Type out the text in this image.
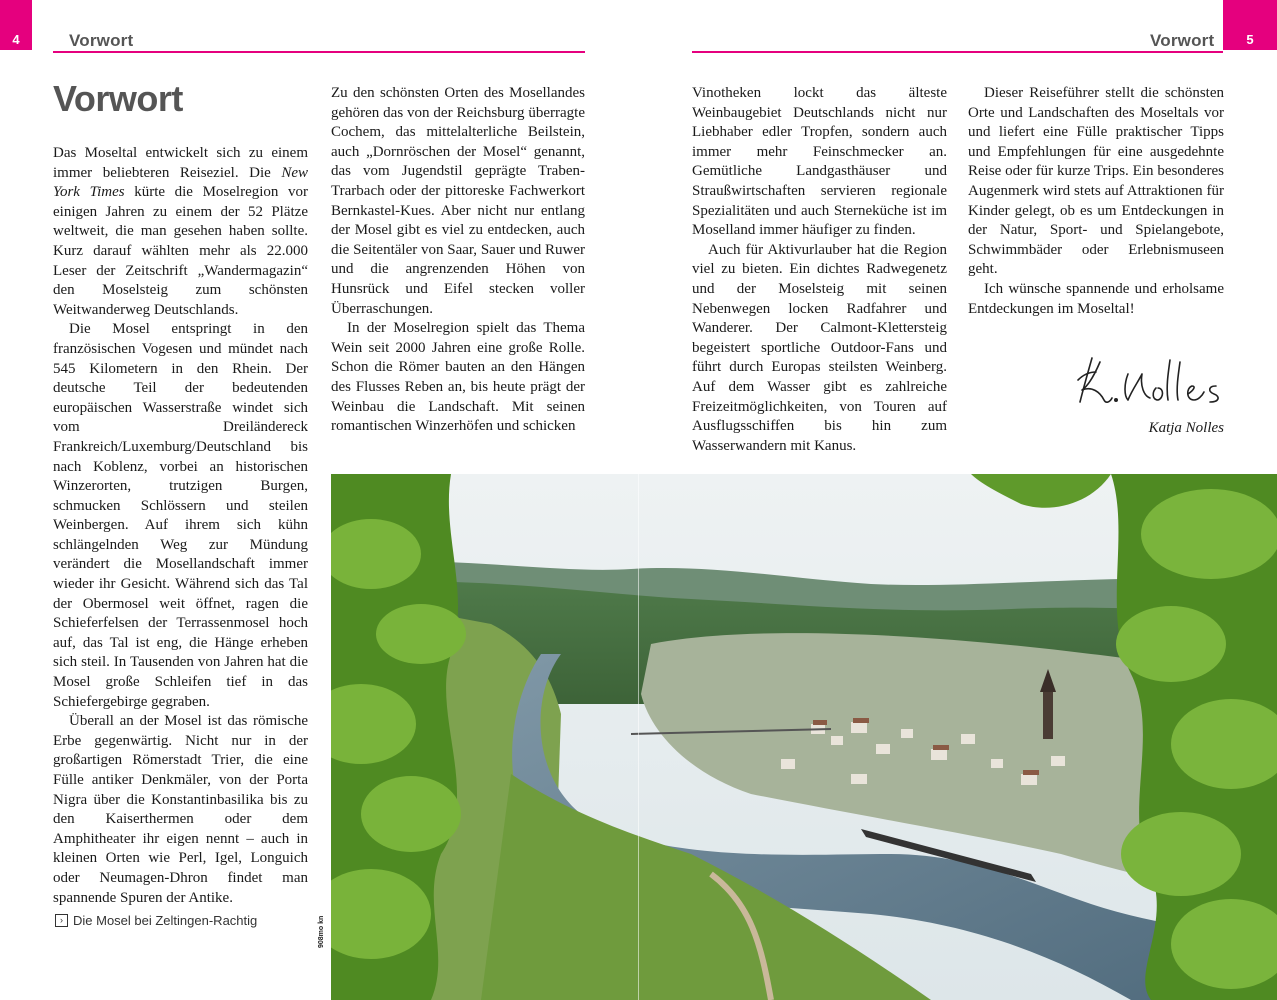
4	Vorwort	5
Vorwort
Vorwort

Das Moseltal entwickelt sich zu einem immer beliebteren Reiseziel. Die New York Times kürte die Moselregion vor einigen Jahren zu einem der 52 Plätze weltweit, die man gesehen haben sollte. Kurz darauf wählten mehr als 22.000 Leser der Zeitschrift „Wandermagazin“ den Moselsteig zum schönsten Weitwanderweg Deutschlands.

Die Mosel entspringt in den französischen Vogesen und mündet nach 545 Kilometern in den Rhein. Der deutsche Teil der bedeutenden europäischen Wasserstraße windet sich vom Dreiländereck Frankreich/Luxemburg/Deutschland bis nach Koblenz, vorbei an historischen Winzerorten, trutzigen Burgen, schmucken Schlössern und steilen Weinbergen. Auf ihrem sich kühn schlängelnden Weg zur Mündung verändert die Mosellandschaft immer wieder ihr Gesicht. Während sich das Tal der Obermosel weit öffnet, ragen die Schieferfelsen der Terrassenmosel hoch auf, das Tal ist eng, die Hänge erheben sich steil. In Tausenden von Jahren hat die Mosel große Schleifen tief in das Schiefergebirge gegraben.

Überall an der Mosel ist das römische Erbe gegenwärtig. Nicht nur in der großartigen Römerstadt Trier, die eine Fülle antiker Denkmäler, von der Porta Nigra über die Konstantinbasilika bis zu den Kaiserthermen oder dem Amphitheater ihr eigen nennt – auch in kleinen Orten wie Perl, Igel, Longuich oder Neumagen-Dhron findet man spannende Spuren der Antike.

Zu den schönsten Orten des Mosellandes gehören das von der Reichsburg überragte Cochem, das mittelalterliche Beilstein, auch „Dornröschen der Mosel“ genannt, das vom Jugendstil geprägte Traben-Trarbach oder der pittoreske Fachwerkort Bernkastel-Kues. Aber nicht nur entlang der Mosel gibt es viel zu entdecken, auch die Seitentäler von Saar, Sauer und Ruwer und die angrenzenden Höhen von Hunsrück und Eifel stecken voller Überraschungen.

In der Moselregion spielt das Thema Wein seit 2000 Jahren eine große Rolle. Schon die Römer bauten an den Hängen des Flusses Reben an, bis heute prägt der Weinbau die Landschaft. Mit seinen romantischen Winzerhöfen und schicken

Vinotheken lockt das älteste Weinbaugebiet Deutschlands nicht nur Liebhaber edler Tropfen, sondern auch immer mehr Feinschmecker an. Gemütliche Landgasthäuser und Straußwirtschaften servieren regionale Spezialitäten und auch Sterneküche ist im Moselland immer häufiger zu finden.

Auch für Aktivurlauber hat die Region viel zu bieten. Ein dichtes Radwegenetz und der Moselsteig mit seinen Nebenwegen locken Radfahrer und Wanderer. Der Calmont-Klettersteig begeistert sportliche Outdoor-Fans und führt durch Europas steilsten Weinberg. Auf dem Wasser gibt es zahlreiche Freizeitmöglichkeiten, von Touren auf Ausflugsschiffen bis hin zum Wasserwandern mit Kanus.

Dieser Reiseführer stellt die schönsten Orte und Landschaften des Moseltals vor und liefert eine Fülle praktischer Tipps und Empfehlungen für eine ausgedehnte Reise oder für kurze Trips. Ein besonderes Augenmerk wird stets auf Attraktionen für Kinder gelegt, ob es um Entdeckungen in der Natur, Sport- und Spielangebote, Schwimmbäder oder Erlebnismuseen geht.

Ich wünsche spannende und erholsame Entdeckungen im Moseltal!

Katja Nolles
› Die Mosel bei Zeltingen-Rachtig	908mo kn
